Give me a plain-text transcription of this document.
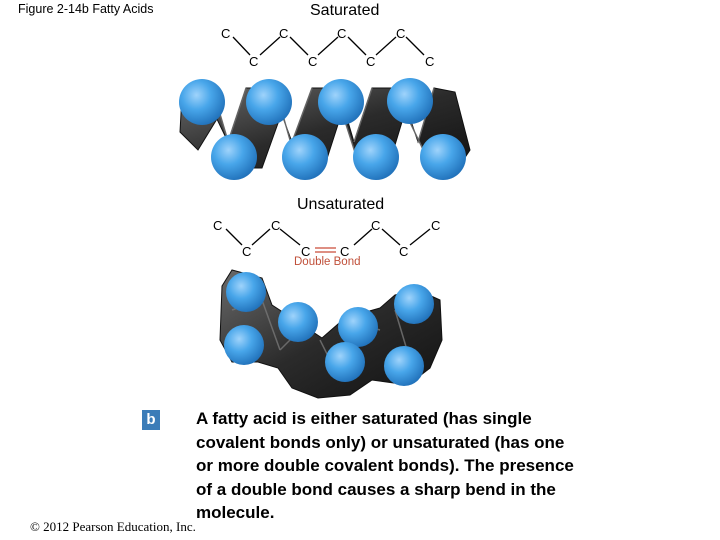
Figure 2-14b Fatty Acids	Saturated
Unsaturated
C
C
C
C
C
C
C
C
C
C
C
C C
C
C
C
Double Bond
b A fatty acid is either saturated (has single covalent bonds only) or unsaturated (has one or more double covalent bonds). The presence of a double bond causes a sharp bend in the molecule.
© 2012 Pearson Education, Inc.
